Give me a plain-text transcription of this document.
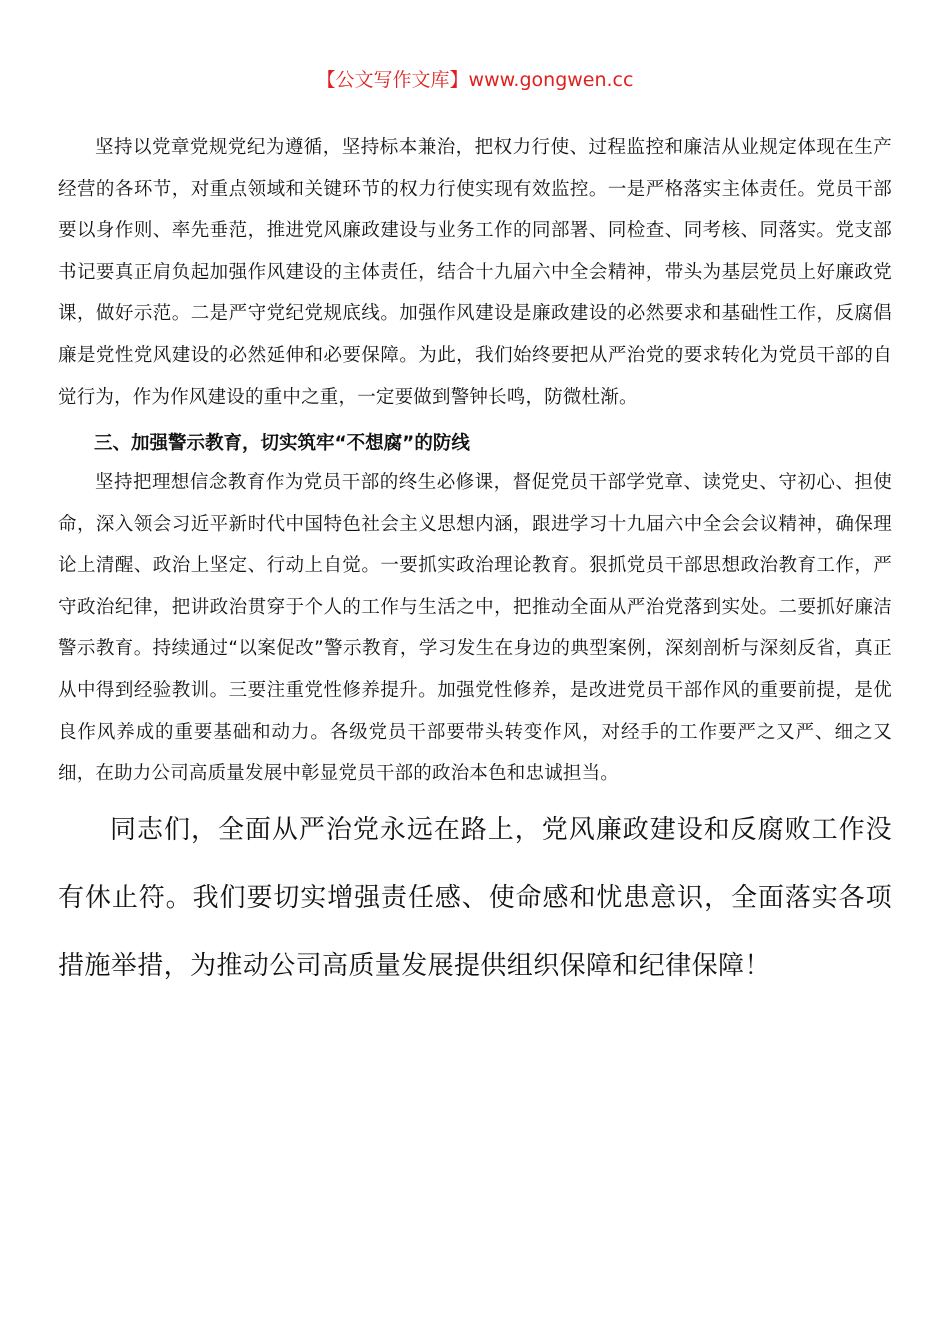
【公文写作文库】www.gongwen.cc

坚持以党章党规党纪为遵循，坚持标本兼治，把权力行使、过程监控和廉洁从业规定体现在生产经营的各环节，对重点领域和关键环节的权力行使实现有效监控。一是严格落实主体责任。党员干部要以身作则、率先垂范，推进党风廉政建设与业务工作的同部署、同检查、同考核、同落实。党支部书记要真正肩负起加强作风建设的主体责任，结合十九届六中全会精神，带头为基层党员上好廉政党课，做好示范。二是严守党纪党规底线。加强作风建设是廉政建设的必然要求和基础性工作，反腐倡廉是党性党风建设的必然延伸和必要保障。为此，我们始终要把从严治党的要求转化为党员干部的自觉行为，作为作风建设的重中之重，一定要做到警钟长鸣，防微杜渐。

三、加强警示教育，切实筑牢“不想腐”的防线

坚持把理想信念教育作为党员干部的终生必修课，督促党员干部学党章、读党史、守初心、担使命，深入领会习近平新时代中国特色社会主义思想内涵，跟进学习十九届六中全会会议精神，确保理论上清醒、政治上坚定、行动上自觉。一要抓实政治理论教育。狠抓党员干部思想政治教育工作，严守政治纪律，把讲政治贯穿于个人的工作与生活之中，把推动全面从严治党落到实处。二要抓好廉洁警示教育。持续通过“以案促改”警示教育，学习发生在身边的典型案例，深刻剖析与深刻反省，真正从中得到经验教训。三要注重党性修养提升。加强党性修养，是改进党员干部作风的重要前提，是优良作风养成的重要基础和动力。各级党员干部要带头转变作风，对经手的工作要严之又严、细之又细，在助力公司高质量发展中彰显党员干部的政治本色和忠诚担当。

同志们，全面从严治党永远在路上，党风廉政建设和反腐败工作没有休止符。我们要切实增强责任感、使命感和忧患意识，全面落实各项措施举措，为推动公司高质量发展提供组织保障和纪律保障！
